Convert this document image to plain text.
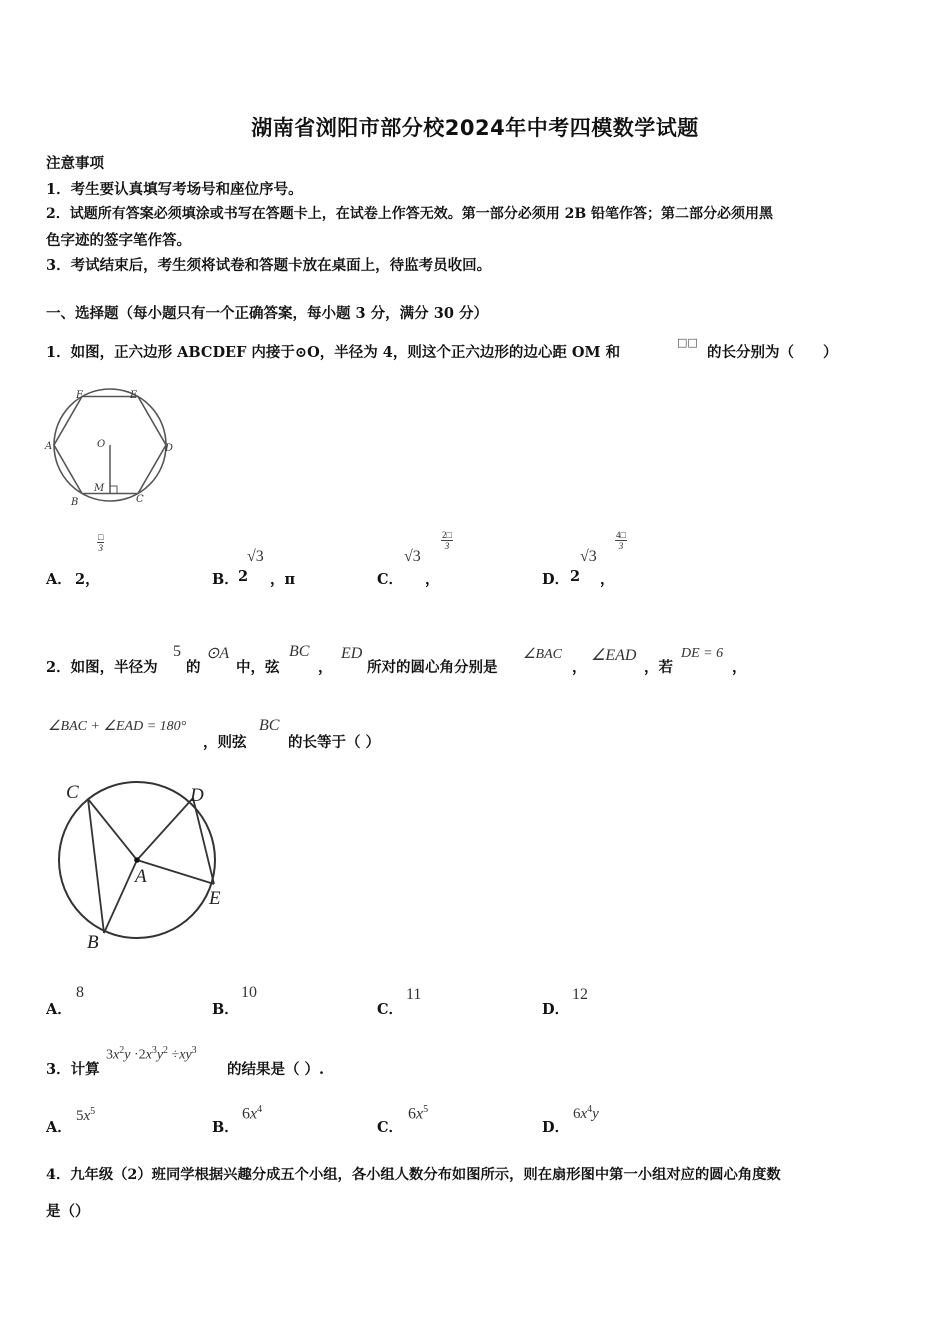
湖南省浏阳市部分校2024年中考四模数学试题
注意事项
1．考生要认真填写考场号和座位序号。
2．试题所有答案必须填涂或书写在答题卡上，在试卷上作答无效。第一部分必须用 2B 铅笔作答；第二部分必须用黑
色字迹的签字笔作答。
3．考试结束后，考生须将试卷和答题卡放在桌面上，待监考员收回。
一、选择题（每小题只有一个正确答案，每小题 3 分，满分 30 分）
1．如图，正六边形 ABCDEF 内接于⊙O，半径为 4，则这个正六边形的边心距 OM 和
□□
的长分别为（　　）
F	E
A	D
O
M
B	C
A． 2，
□
3
B． 2
√3
，π	C．
√3
，
$\frac{2□}{3}$
D． 2
√3
，
$\frac{4□}{3}$
2．如图，半径为
5
的
⊙A
中，弦
BC
，
ED
所对的圆心角分别是
∠BAC
，
∠EAD
，若
DE = 6
，
∠BAC + ∠EAD = 180°
，则弦
BC
的长等于（ ）
C	D
A
E
B
A．
8
B．
10
C．
11
D．
12
3．计算
$3x^2y \cdot 2x^3y^2 \div xy^3$
的结果是（ ）.
A．
$5x^5$
B．
$6x^4$
C．
$6x^5$
D．
$6x^4y$
4．九年级（2）班同学根据兴趣分成五个小组，各小组人数分布如图所示，则在扇形图中第一小组对应的圆心角度数
是（）
